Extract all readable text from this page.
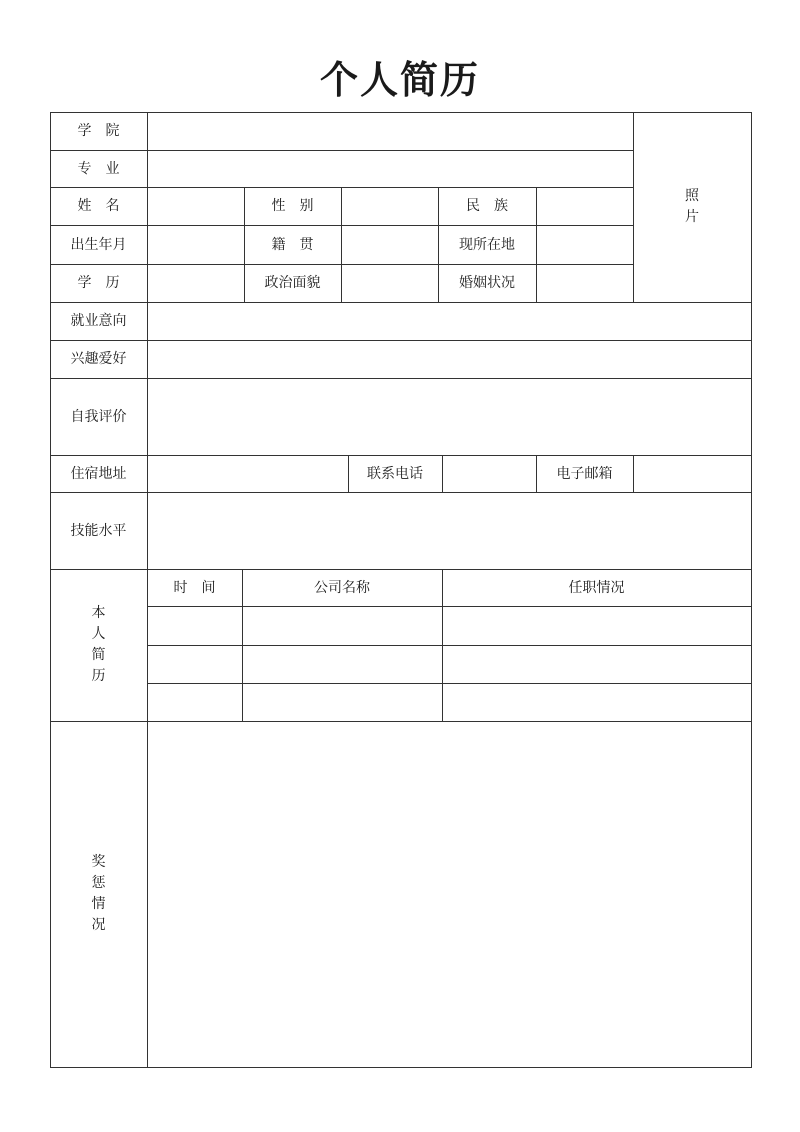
个人简历
学　院
专　业
姓　名	性　别	民　族
出生年月	籍　贯	现所在地
学　历	政治面貌	婚姻状况
照
片
就业意向
兴趣爱好
自我评价
住宿地址	联系电话	电子邮箱
技能水平
本
人
简
历
时　间	公司名称	任职情况
奖
惩
情
况
